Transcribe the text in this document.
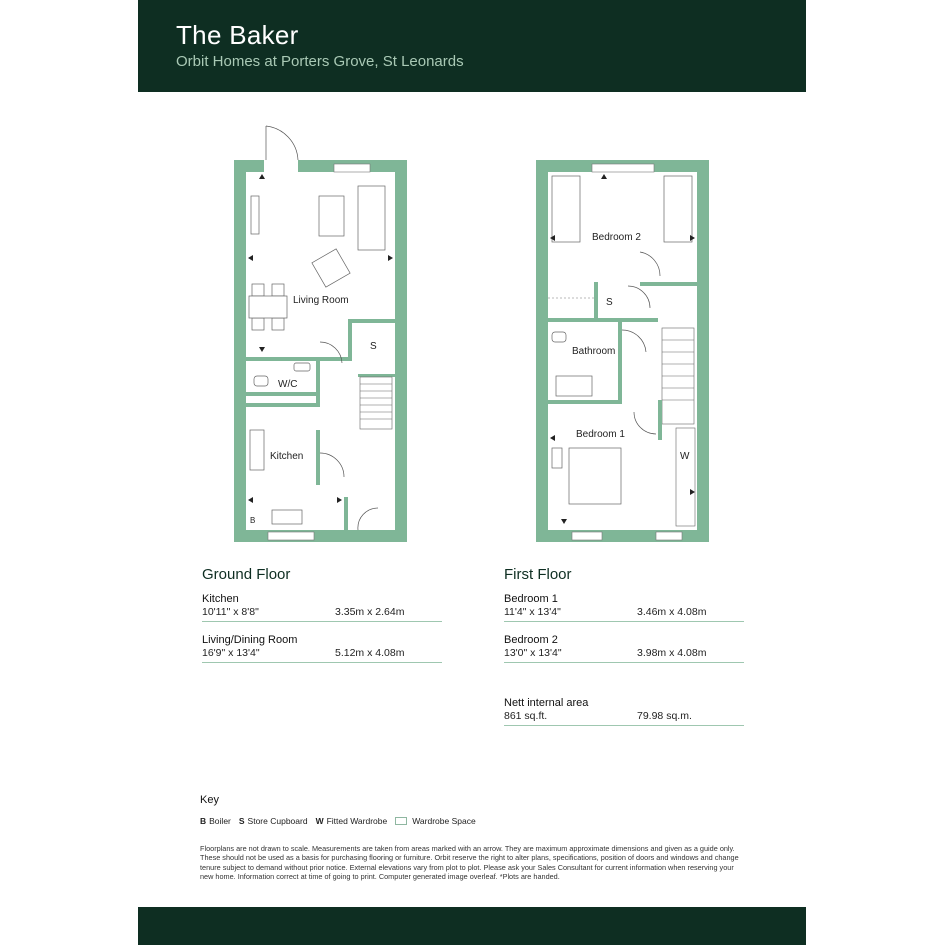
The Baker
Orbit Homes at Porters Grove, St Leonards
Living Room
W/C
Kitchen
S
B
Bedroom 2
Bathroom
Bedroom 1
S
W
Ground Floor
Kitchen
10'11" x 8'8"	3.35m x 2.64m
Living/Dining Room
16'9" x 13'4"	5.12m x 4.08m
First Floor
Bedroom 1
11'4" x 13'4"	3.46m x 4.08m
Bedroom 2
13'0" x 13'4"	3.98m x 4.08m
Nett internal area
861 sq.ft.	79.98 sq.m.
Key
B Boiler S Store Cupboard W Fitted Wardrobe	Wardrobe Space
Floorplans are not drawn to scale. Measurements are taken from areas marked with an arrow. They are maximum approximate dimensions and given as a guide only. These should not be used as a basis for purchasing flooring or furniture. Orbit reserve the right to alter plans, specifications, position of doors and windows and change tenure subject to demand without prior notice. External elevations vary from plot to plot. Please ask your Sales Consultant for current information when reserving your new home. Information correct at time of going to print. Computer generated image overleaf. *Plots are handed.
